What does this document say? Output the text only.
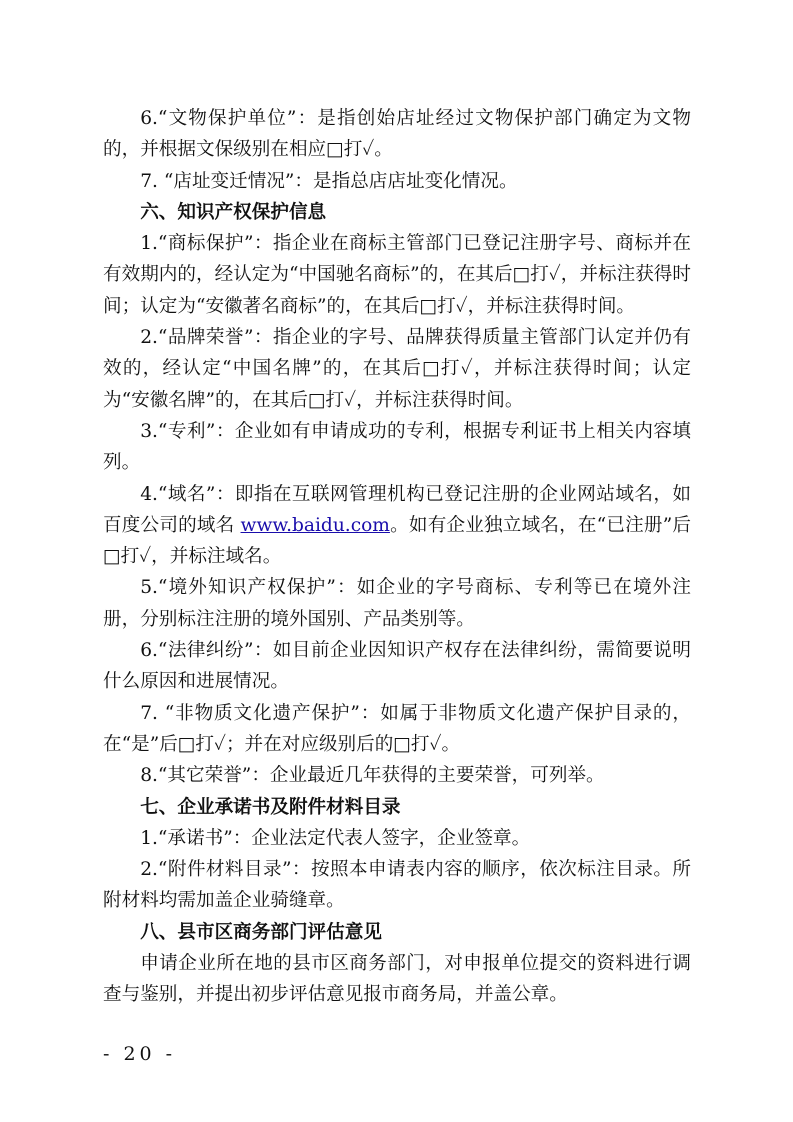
6.“文物保护单位”：是指创始店址经过文物保护部门确定为文物的，并根据文保级别在相应□打✓。

7. “店址变迁情况”：是指总店店址变化情况。

六、知识产权保护信息

1.“商标保护”：指企业在商标主管部门已登记注册字号、商标并在有效期内的，经认定为“中国驰名商标”的，在其后□打✓，并标注获得时间；认定为“安徽著名商标”的，在其后□打✓，并标注获得时间。

2.“品牌荣誉”：指企业的字号、品牌获得质量主管部门认定并仍有效的，经认定“中国名牌”的，在其后□打✓，并标注获得时间；认定为“安徽名牌”的，在其后□打✓，并标注获得时间。

3.“专利”：企业如有申请成功的专利，根据专利证书上相关内容填列。

4.“域名”：即指在互联网管理机构已登记注册的企业网站域名，如百度公司的域名 www.baidu.com。如有企业独立域名，在“已注册”后□打✓，并标注域名。

5.“境外知识产权保护”：如企业的字号商标、专利等已在境外注册，分别标注注册的境外国别、产品类别等。

6.“法律纠纷”：如目前企业因知识产权存在法律纠纷，需简要说明什么原因和进展情况。

7. “非物质文化遗产保护”：如属于非物质文化遗产保护目录的，在“是”后□打✓；并在对应级别后的□打✓。

8.“其它荣誉”：企业最近几年获得的主要荣誉，可列举。

七、企业承诺书及附件材料目录

1.“承诺书”：企业法定代表人签字，企业签章。

2.“附件材料目录”：按照本申请表内容的顺序，依次标注目录。所附材料均需加盖企业骑缝章。

八、县市区商务部门评估意见

申请企业所在地的县市区商务部门，对申报单位提交的资料进行调查与鉴别，并提出初步评估意见报市商务局，并盖公章。

- 20 -
